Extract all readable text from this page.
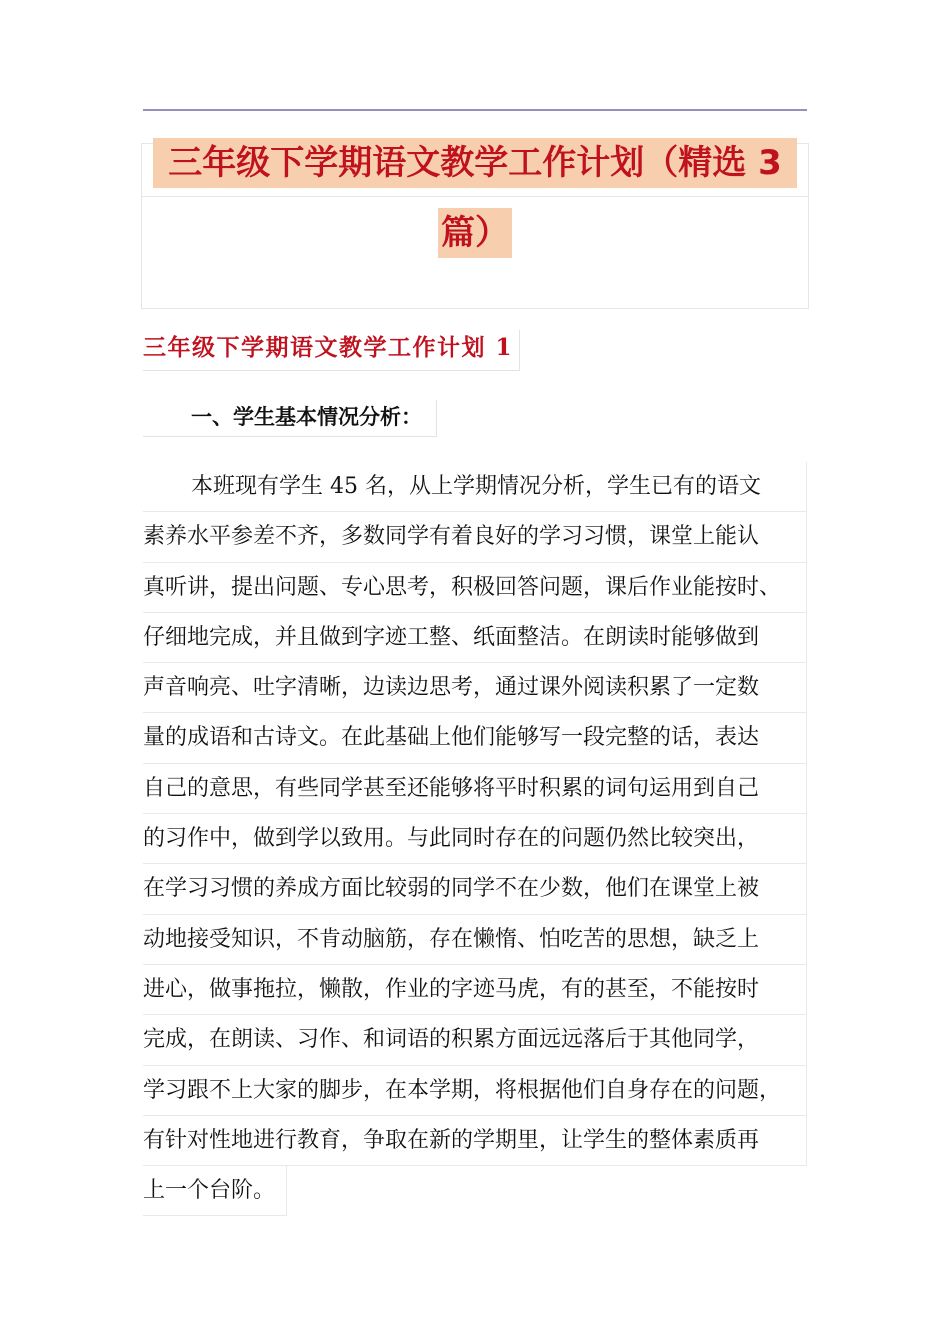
三年级下学期语文教学工作计划（精选 3
篇）
三年级下学期语文教学工作计划 1
一、学生基本情况分析：
本班现有学生 45 名，从上学期情况分析，学生已有的语文
素养水平参差不齐，多数同学有着良好的学习习惯，课堂上能认
真听讲，提出问题、专心思考，积极回答问题，课后作业能按时、
仔细地完成，并且做到字迹工整、纸面整洁。在朗读时能够做到
声音响亮、吐字清晰，边读边思考，通过课外阅读积累了一定数
量的成语和古诗文。在此基础上他们能够写一段完整的话，表达
自己的意思，有些同学甚至还能够将平时积累的词句运用到自己
的习作中，做到学以致用。与此同时存在的问题仍然比较突出，
在学习习惯的养成方面比较弱的同学不在少数，他们在课堂上被
动地接受知识，不肯动脑筋，存在懒惰、怕吃苦的思想，缺乏上
进心，做事拖拉，懒散，作业的字迹马虎，有的甚至，不能按时
完成，在朗读、习作、和词语的积累方面远远落后于其他同学，
学习跟不上大家的脚步，在本学期，将根据他们自身存在的问题，
有针对性地进行教育，争取在新的学期里，让学生的整体素质再
上一个台阶。
